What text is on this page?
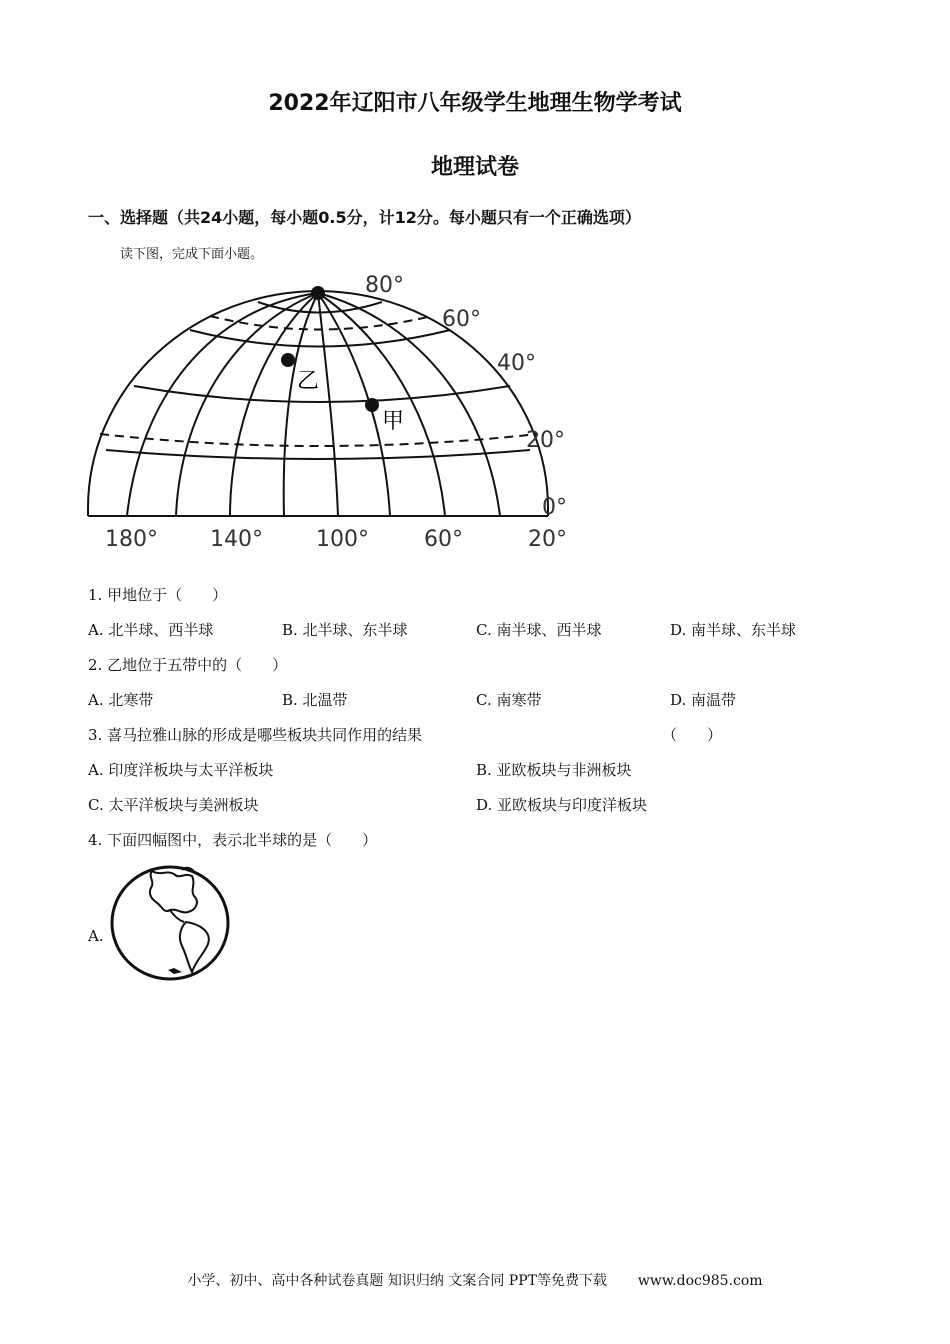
2022年辽阳市八年级学生地理生物学考试
地理试卷
一、选择题（共24小题，每小题0.5分，计12分。每小题只有一个正确选项）
读下图，完成下面小题。
乙
甲
80°
60°
40°
20°
0°
180° 140° 100°	60°	20°
1. 甲地位于（　　）
A. 北半球、西半球	B. 北半球、东半球	C. 南半球、西半球	D. 南半球、东半球
2. 乙地位于五带中的（　　）
A. 北寒带	B. 北温带	C. 南寒带	D. 南温带
3. 喜马拉雅山脉的形成是哪些板块共同作用的结果	（　　）
A. 印度洋板块与太平洋板块	B. 亚欧板块与非洲板块
C. 太平洋板块与美洲板块	D. 亚欧板块与印度洋板块
4. 下面四幅图中，表示北半球的是（　　）
A.
小学、初中、高中各种试卷真题 知识归纳 文案合同 PPT等免费下载 www.doc985.com
